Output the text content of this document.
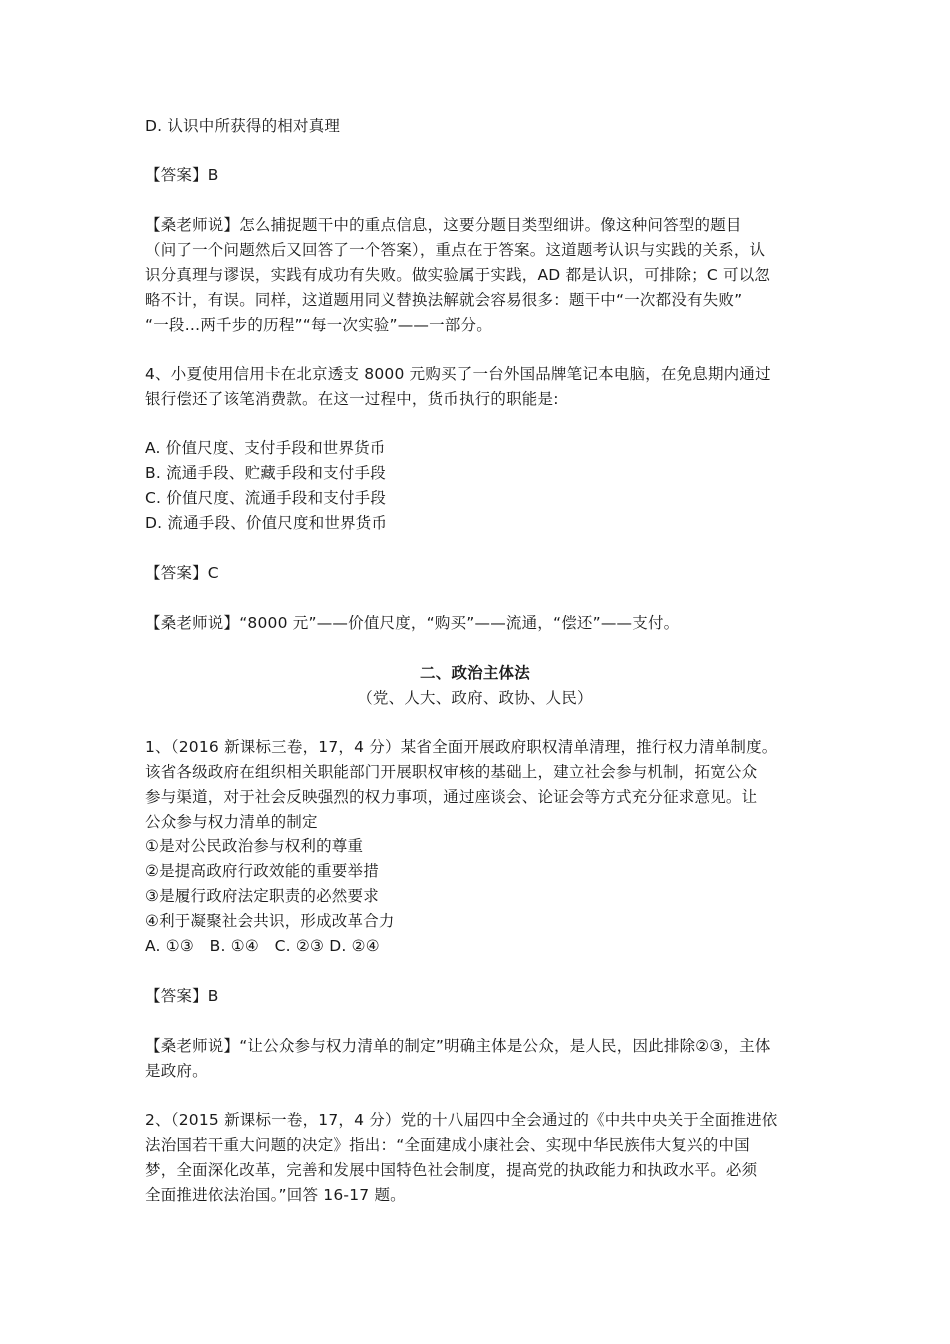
D. 认识中所获得的相对真理
【答案】B
【桑老师说】怎么捕捉题干中的重点信息，这要分题目类型细讲。像这种问答型的题目
（问了一个问题然后又回答了一个答案），重点在于答案。这道题考认识与实践的关系，认
识分真理与谬误，实践有成功有失败。做实验属于实践，AD 都是认识，可排除；C 可以忽
略不计，有误。同样，这道题用同义替换法解就会容易很多：题干中“一次都没有失败”
“一段…两千步的历程”“每一次实验”——一部分。
4、小夏使用信用卡在北京透支 8000 元购买了一台外国品牌笔记本电脑，在免息期内通过
银行偿还了该笔消费款。在这一过程中，货币执行的职能是:
A. 价值尺度、支付手段和世界货币
B. 流通手段、贮藏手段和支付手段
C. 价值尺度、流通手段和支付手段
D. 流通手段、价值尺度和世界货币
【答案】C
【桑老师说】“8000 元”——价值尺度，“购买”——流通，“偿还”——支付。
二、政治主体法
（党、人大、政府、政协、人民）
1、（2016 新课标三卷，17，4 分）某省全面开展政府职权清单清理，推行权力清单制度。
该省各级政府在组织相关职能部门开展职权审核的基础上，建立社会参与机制，拓宽公众
参与渠道，对于社会反映强烈的权力事项，通过座谈会、论证会等方式充分征求意见。让
公众参与权力清单的制定
①是对公民政治参与权利的尊重
②是提高政府行政效能的重要举措
③是履行政府法定职责的必然要求
④利于凝聚社会共识，形成改革合力
A. ①③　B. ①④　C. ②③ D. ②④
【答案】B
【桑老师说】“让公众参与权力清单的制定”明确主体是公众，是人民，因此排除②③，主体
是政府。
2、（2015 新课标一卷，17，4 分）党的十八届四中全会通过的《中共中央关于全面推进依
法治国若干重大问题的决定》指出：“全面建成小康社会、实现中华民族伟大复兴的中国
梦，全面深化改革，完善和发展中国特色社会制度，提高党的执政能力和执政水平。必须
全面推进依法治国。”回答 16-17 题。
